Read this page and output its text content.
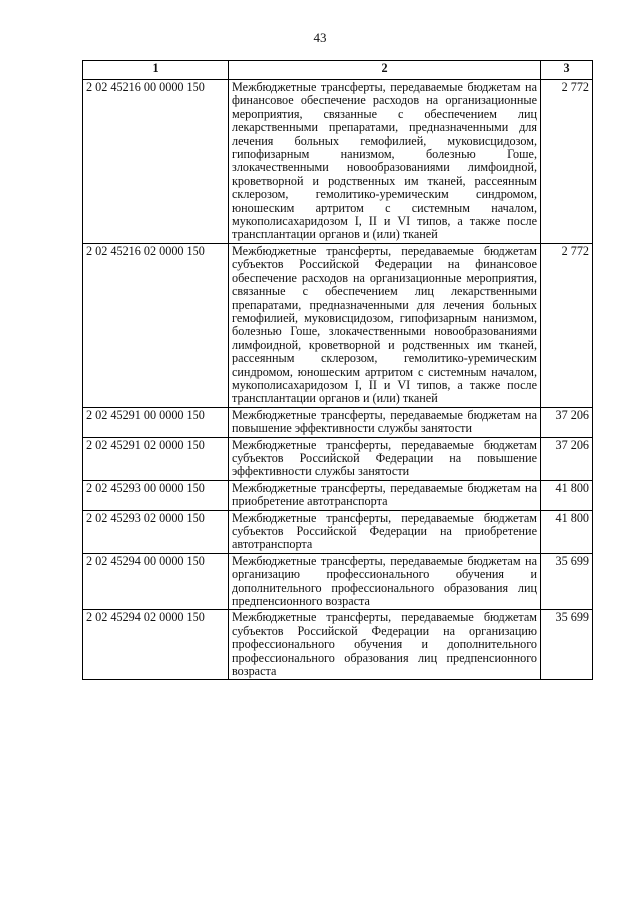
43
1	2	3
2 02 45216 00 0000 150	Межбюджетные трансферты, передаваемые бюджетам на финансовое обеспечение расходов на организационные мероприятия, связанные с обеспечением лиц лекарственными препаратами, предназначенными для лечения больных гемофилией, муковисцидозом, гипофизарным нанизмом, болезнью Гоше, злокачественными новообразованиями лимфоидной, кроветворной и родственных им тканей, рассеянным склерозом, гемолитико-уремическим синдромом, юношеским артритом с системным началом, мукополисахаридозом I, II и VI типов, а также после трансплантации органов и (или) тканей	2 772
2 02 45216 02 0000 150	Межбюджетные трансферты, передаваемые бюджетам субъектов Российской Федерации на финансовое обеспечение расходов на организационные мероприятия, связанные с обеспечением лиц лекарственными препаратами, предназначенными для лечения больных гемофилией, муковисцидозом, гипофизарным нанизмом, болезнью Гоше, злокачественными новообразованиями лимфоидной, кроветворной и родственных им тканей, рассеянным склерозом, гемолитико-уремическим синдромом, юношеским артритом с системным началом, мукополисахаридозом I, II и VI типов, а также после трансплантации органов и (или) тканей	2 772
2 02 45291 00 0000 150	Межбюджетные трансферты, передаваемые бюджетам на повышение эффективности службы занятости	37 206
2 02 45291 02 0000 150	Межбюджетные трансферты, передаваемые бюджетам субъектов Российской Федерации на повышение эффективности службы занятости	37 206
2 02 45293 00 0000 150	Межбюджетные трансферты, передаваемые бюджетам на приобретение автотранспорта	41 800
2 02 45293 02 0000 150	Межбюджетные трансферты, передаваемые бюджетам субъектов Российской Федерации на приобретение автотранспорта	41 800
2 02 45294 00 0000 150	Межбюджетные трансферты, передаваемые бюджетам на организацию профессионального обучения и дополнительного профессионального образования лиц предпенсионного возраста	35 699
2 02 45294 02 0000 150	Межбюджетные трансферты, передаваемые бюджетам субъектов Российской Федерации на организацию профессионального обучения и дополнительного профессионального образования лиц предпенсионного возраста	35 699
